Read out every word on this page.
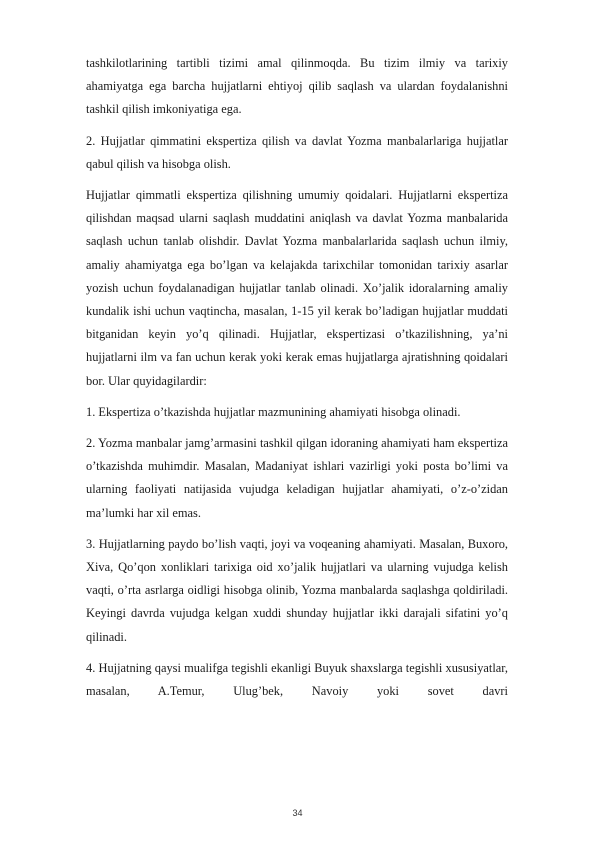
tashkilotlarining tartibli tizimi amal qilinmoqda. Bu tizim ilmiy va tarixiy ahamiyatga ega barcha hujjatlarni ehtiyoj qilib saqlash va ulardan foydalanishni tashkil qilish imkoniyatiga ega.

2. Hujjatlar qimmatini ekspertiza qilish va davlat Yozma manbalarlariga hujjatlar qabul qilish va hisobga olish.

Hujjatlar qimmatli ekspertiza qilishning umumiy qoidalari. Hujjatlarni ekspertiza qilishdan maqsad ularni saqlash muddatini aniqlash va davlat Yozma manbalarida saqlash uchun tanlab olishdir. Davlat Yozma manbalarlarida saqlash uchun ilmiy, amaliy ahamiyatga ega bo’lgan va kelajakda tarixchilar tomonidan tarixiy asarlar yozish uchun foydalanadigan hujjatlar tanlab olinadi. Xo’jalik idoralarning amaliy kundalik ishi uchun vaqtincha, masalan, 1-15 yil kerak bo’ladigan hujjatlar muddati bitganidan keyin yo’q qilinadi. Hujjatlar, ekspertizasi o’tkazilishning, ya’ni hujjatlarni ilm va fan uchun kerak yoki kerak emas hujjatlarga ajratishning qoidalari bor. Ular quyidagilardir:

1. Ekspertiza o’tkazishda hujjatlar mazmunining ahamiyati hisobga olinadi.

2. Yozma manbalar jamg’armasini tashkil qilgan idoraning ahamiyati ham ekspertiza o’tkazishda muhimdir. Masalan, Madaniyat ishlari vazirligi yoki posta bo’limi va ularning faoliyati natijasida vujudga keladigan hujjatlar ahamiyati, o’z-o’zidan ma’lumki har xil emas.

3. Hujjatlarning paydo bo’lish vaqti, joyi va voqeaning ahamiyati. Masalan, Buxoro, Xiva, Qo’qon xonliklari tarixiga oid xo’jalik hujjatlari va ularning vujudga kelish vaqti, o’rta asrlarga oidligi hisobga olinib, Yozma manbalarda saqlashga qoldiriladi. Keyingi davrda vujudga kelgan xuddi shunday hujjatlar ikki darajali sifatini yo’q qilinadi.

4. Hujjatning qaysi mualifga tegishli ekanligi Buyuk shaxslarga tegishli xususiyatlar, masalan, A.Temur, Ulug’bek, Navoiy yoki sovet davri

34
